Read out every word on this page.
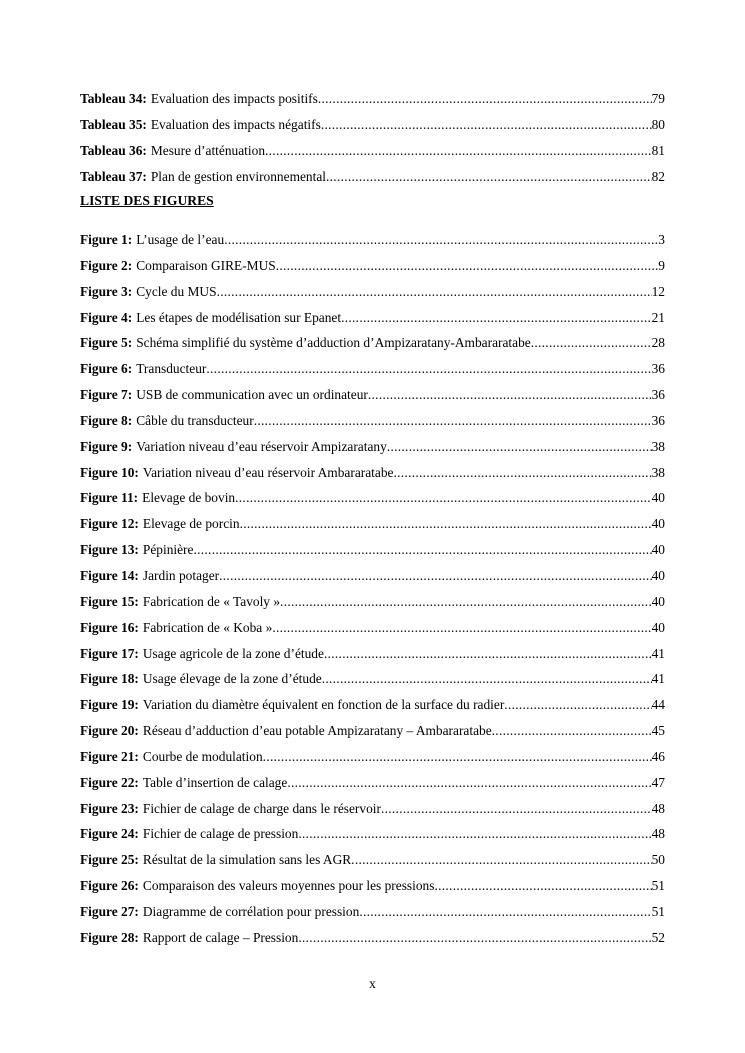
Tableau 34: Evaluation des impacts positifs .....	79
Tableau 35: Evaluation des impacts négatifs .....	80
Tableau 36: Mesure d’atténuation .....	81
Tableau 37: Plan de gestion environnemental .....	82
LISTE DES FIGURES
Figure 1: L’usage de l’eau .....	3
Figure 2: Comparaison GIRE-MUS .....	9
Figure 3: Cycle du MUS .....	12
Figure 4: Les étapes de modélisation sur Epanet .....	21
Figure 5: Schéma simplifié du système d’adduction d’Ampizaratany-Ambararatabe .....	28
Figure 6: Transducteur .....	36
Figure 7: USB de communication avec un ordinateur .....	36
Figure 8: Câble du transducteur .....	36
Figure 9: Variation niveau d’eau réservoir Ampizaratany .....	38
Figure 10: Variation niveau d’eau réservoir Ambararatabe .....	38
Figure 11: Elevage de bovin .....	40
Figure 12: Elevage de porcin .....	40
Figure 13: Pépinière .....	40
Figure 14: Jardin potager .....	40
Figure 15: Fabrication de « Tavoly » .....	40
Figure 16: Fabrication de « Koba » .....	40
Figure 17: Usage agricole de la zone d’étude .....	41
Figure 18: Usage élevage de la zone d’étude .....	41
Figure 19: Variation du diamètre équivalent en fonction de la surface du radier .....	44
Figure 20: Réseau d’adduction d’eau potable Ampizaratany – Ambararatabe .....	45
Figure 21: Courbe de modulation .....	46
Figure 22: Table d’insertion de calage .....	47
Figure 23: Fichier de calage de charge dans le réservoir .....	48
Figure 24: Fichier de calage de pression .....	48
Figure 25: Résultat de la simulation sans les AGR .....	50
Figure 26: Comparaison des valeurs moyennes pour les pressions .....	51
Figure 27: Diagramme de corrélation pour pression .....	51
Figure 28: Rapport de calage – Pression .....	52
x
